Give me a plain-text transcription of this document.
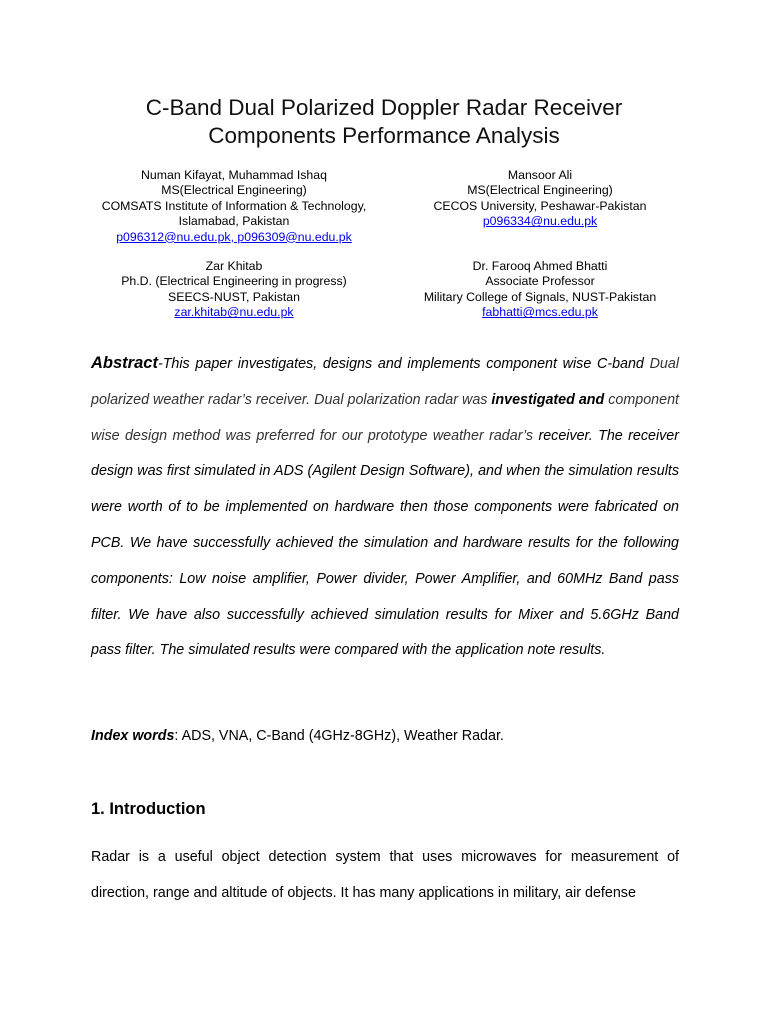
C-Band Dual Polarized Doppler Radar Receiver
Components Performance Analysis
Numan Kifayat, Muhammad Ishaq
MS(Electrical Engineering)
COMSATS Institute of Information & Technology,
Islamabad, Pakistan
p096312@nu.edu.pk, p096309@nu.edu.pk
Mansoor Ali
MS(Electrical Engineering)
CECOS University, Peshawar-Pakistan
p096334@nu.edu.pk
Zar Khitab
Ph.D. (Electrical Engineering in progress)
SEECS-NUST, Pakistan
zar.khitab@nu.edu.pk
Dr. Farooq Ahmed Bhatti
Associate Professor
Military College of Signals, NUST-Pakistan
fabhatti@mcs.edu.pk
Abstract-This paper investigates, designs and implements component wise C-band Dual polarized weather radar’s receiver. Dual polarization radar was investigated and component wise design method was preferred for our prototype weather radar’s receiver. The receiver design was first simulated in ADS (Agilent Design Software), and when the simulation results were worth of to be implemented on hardware then those components were fabricated on PCB. We have successfully achieved the simulation and hardware results for the following components: Low noise amplifier, Power divider, Power Amplifier, and 60MHz Band pass filter. We have also successfully achieved simulation results for Mixer and 5.6GHz Band pass filter. The simulated results were compared with the application note results.
Index words: ADS, VNA, C-Band (4GHz-8GHz), Weather Radar.
1. Introduction
Radar is a useful object detection system that uses microwaves for measurement of direction, range and altitude of objects. It has many applications in military, air defense
